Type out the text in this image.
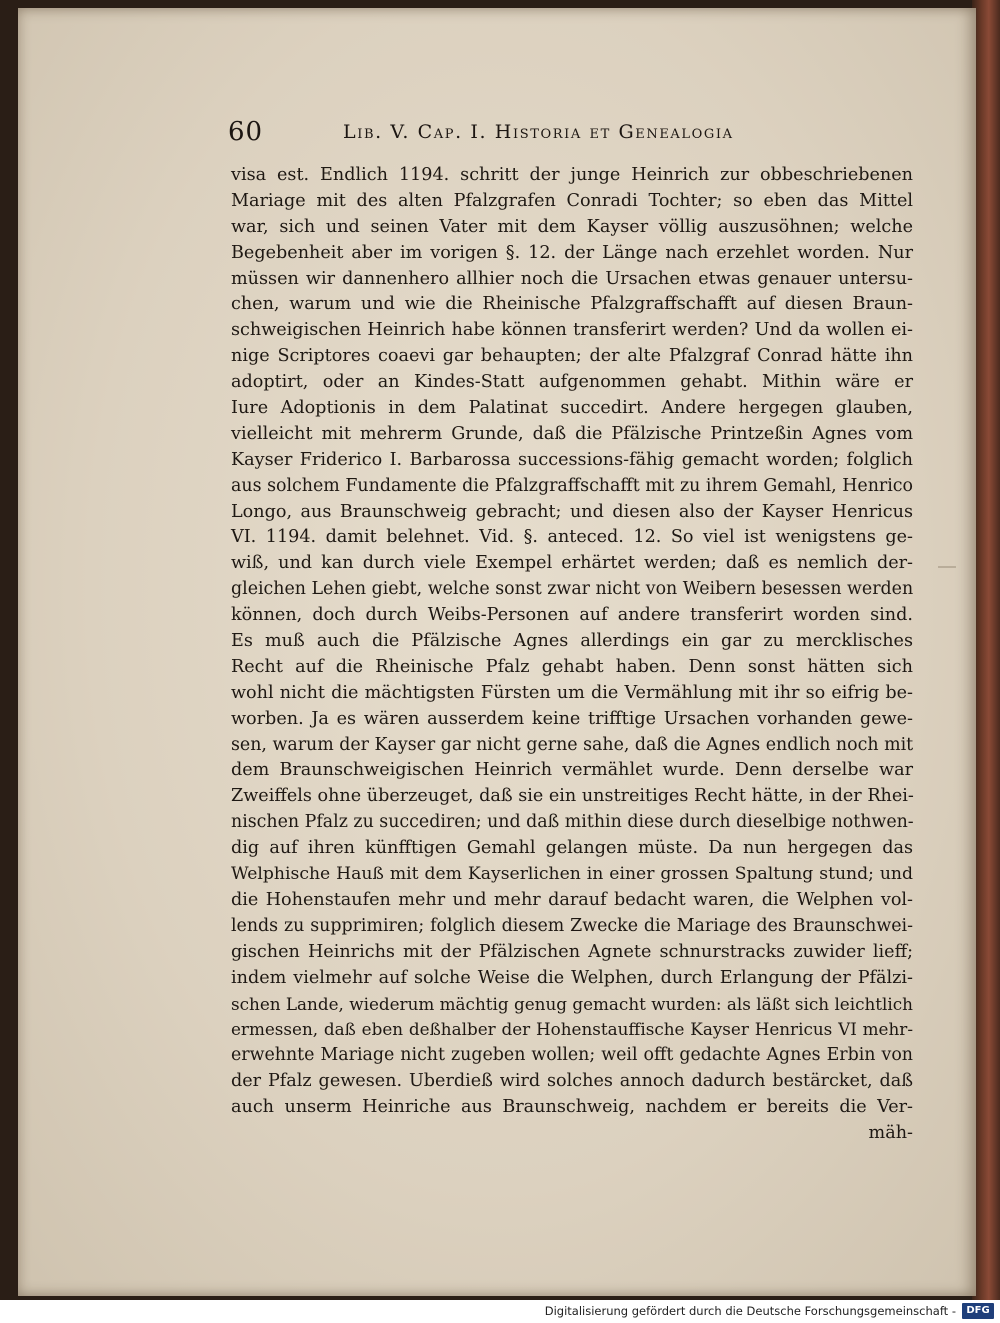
60	Lib. V. Cap. I. Historia et Genealogia
visa est. Endlich 1194. schritt der junge Heinrich zur obbeschriebenen
Mariage mit des alten Pfalzgrafen Conradi Tochter; so eben das Mittel
war, sich und seinen Vater mit dem Kayser völlig auszusöhnen; welche
Begebenheit aber im vorigen §. 12. der Länge nach erzehlet worden. Nur
müssen wir dannenhero allhier noch die Ursachen etwas genauer untersu-
chen, warum und wie die Rheinische Pfalzgraffschafft auf diesen Braun-
schweigischen Heinrich habe können transferirt werden? Und da wollen ei-
nige Scriptores coaevi gar behaupten; der alte Pfalzgraf Conrad hätte ihn
adoptirt, oder an Kindes-Statt aufgenommen gehabt. Mithin wäre er
Iure Adoptionis in dem Palatinat succedirt. Andere hergegen glauben,
vielleicht mit mehrerm Grunde, daß die Pfälzische Printzeßin Agnes vom
Kayser Friderico I. Barbarossa successions-fähig gemacht worden; folglich
aus solchem Fundamente die Pfalzgraffschafft mit zu ihrem Gemahl, Henrico
Longo, aus Braunschweig gebracht; und diesen also der Kayser Henricus
VI. 1194. damit belehnet. Vid. §. anteced. 12. So viel ist wenigstens ge-
wiß, und kan durch viele Exempel erhärtet werden; daß es nemlich der-
gleichen Lehen giebt, welche sonst zwar nicht von Weibern besessen werden
können, doch durch Weibs-Personen auf andere transferirt worden sind.
Es muß auch die Pfälzische Agnes allerdings ein gar zu mercklisches
Recht auf die Rheinische Pfalz gehabt haben. Denn sonst hätten sich
wohl nicht die mächtigsten Fürsten um die Vermählung mit ihr so eifrig be-
worben. Ja es wären ausserdem keine trifftige Ursachen vorhanden gewe-
sen, warum der Kayser gar nicht gerne sahe, daß die Agnes endlich noch mit
dem Braunschweigischen Heinrich vermählet wurde. Denn derselbe war
Zweiffels ohne überzeuget, daß sie ein unstreitiges Recht hätte, in der Rhei-
nischen Pfalz zu succediren; und daß mithin diese durch dieselbige nothwen-
dig auf ihren künfftigen Gemahl gelangen müste. Da nun hergegen das
Welphische Hauß mit dem Kayserlichen in einer grossen Spaltung stund; und
die Hohenstaufen mehr und mehr darauf bedacht waren, die Welphen vol-
lends zu supprimiren; folglich diesem Zwecke die Mariage des Braunschwei-
gischen Heinrichs mit der Pfälzischen Agnete schnurstracks zuwider lieff;
indem vielmehr auf solche Weise die Welphen, durch Erlangung der Pfälzi-
schen Lande, wiederum mächtig genug gemacht wurden: als läßt sich leichtlich
ermessen, daß eben deßhalber der Hohenstauffische Kayser Henricus VI mehr-
erwehnte Mariage nicht zugeben wollen; weil offt gedachte Agnes Erbin von
der Pfalz gewesen. Uberdieß wird solches annoch dadurch bestärcket, daß
auch unserm Heinriche aus Braunschweig, nachdem er bereits die Ver-
mäh-
Digitalisierung gefördert durch die Deutsche Forschungsgemeinschaft -	DFG
